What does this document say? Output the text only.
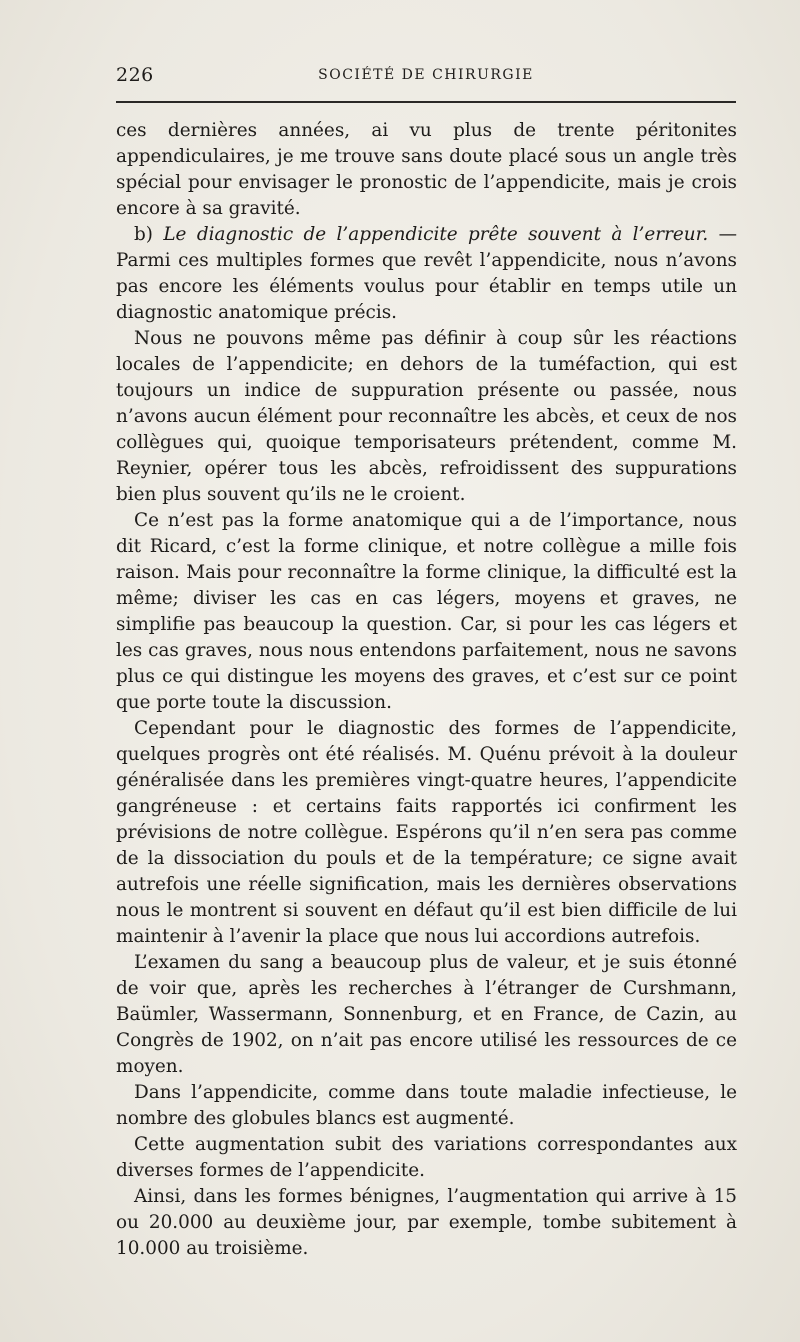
226	SOCIÉTÉ DE CHIRURGIE

ces dernières années, ai vu plus de trente péritonites appendiculaires, je me trouve sans doute placé sous un angle très spécial pour envisager le pronostic de l’appendicite, mais je crois encore à sa gravité.

b) Le diagnostic de l’appendicite prête souvent à l’erreur. — Parmi ces multiples formes que revêt l’appendicite, nous n’avons pas encore les éléments voulus pour établir en temps utile un diagnostic anatomique précis.

Nous ne pouvons même pas définir à coup sûr les réactions locales de l’appendicite; en dehors de la tuméfaction, qui est toujours un indice de suppuration présente ou passée, nous n’avons aucun élément pour reconnaître les abcès, et ceux de nos collègues qui, quoique temporisateurs prétendent, comme M. Reynier, opérer tous les abcès, refroidissent des suppurations bien plus souvent qu’ils ne le croient.

Ce n’est pas la forme anatomique qui a de l’importance, nous dit Ricard, c’est la forme clinique, et notre collègue a mille fois raison. Mais pour reconnaître la forme clinique, la difficulté est la même; diviser les cas en cas légers, moyens et graves, ne simplifie pas beaucoup la question. Car, si pour les cas légers et les cas graves, nous nous entendons parfaitement, nous ne savons plus ce qui distingue les moyens des graves, et c’est sur ce point que porte toute la discussion.

Cependant pour le diagnostic des formes de l’appendicite, quelques progrès ont été réalisés. M. Quénu prévoit à la douleur généralisée dans les premières vingt-quatre heures, l’appendicite gangréneuse : et certains faits rapportés ici confirment les prévisions de notre collègue. Espérons qu’il n’en sera pas comme de la dissociation du pouls et de la température; ce signe avait autrefois une réelle signification, mais les dernières observations nous le montrent si souvent en défaut qu’il est bien difficile de lui maintenir à l’avenir la place que nous lui accordions autrefois.

L’examen du sang a beaucoup plus de valeur, et je suis étonné de voir que, après les recherches à l’étranger de Curshmann, Baümler, Wassermann, Sonnenburg, et en France, de Cazin, au Congrès de 1902, on n’ait pas encore utilisé les ressources de ce moyen.

Dans l’appendicite, comme dans toute maladie infectieuse, le nombre des globules blancs est augmenté.

Cette augmentation subit des variations correspondantes aux diverses formes de l’appendicite.

Ainsi, dans les formes bénignes, l’augmentation qui arrive à 15 ou 20.000 au deuxième jour, par exemple, tombe subitement à 10.000 au troisième.
